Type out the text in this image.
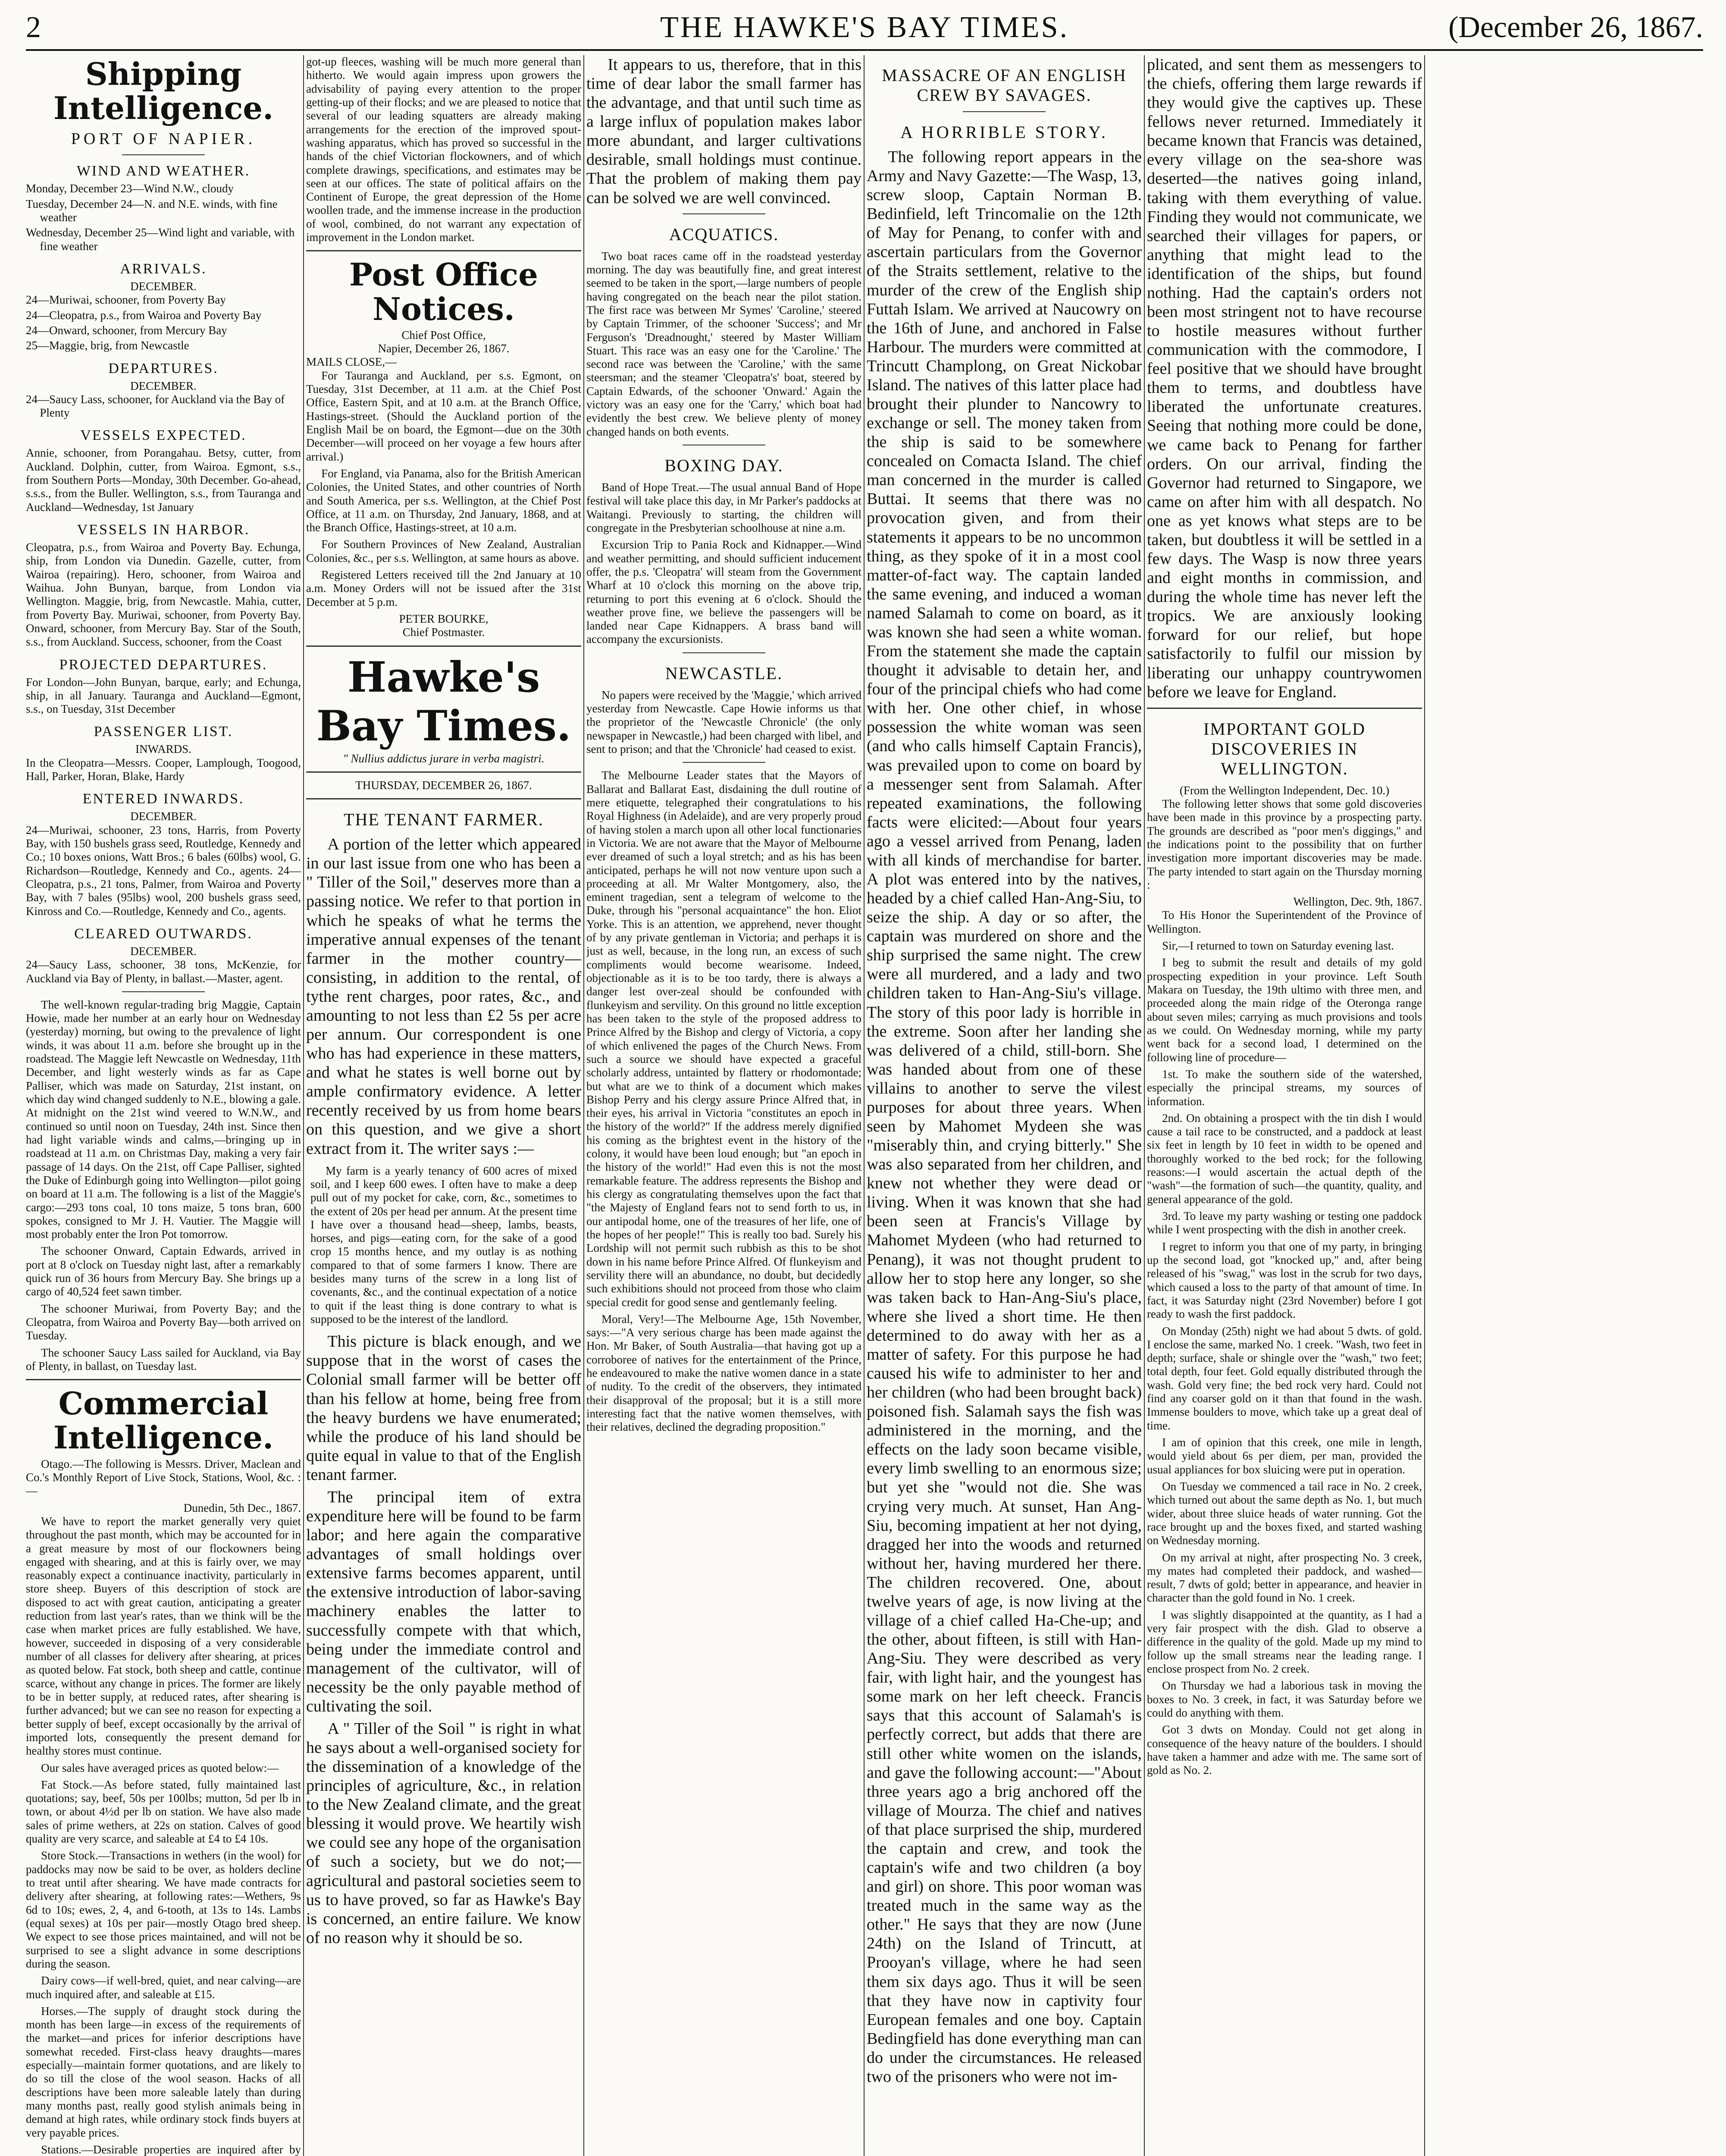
2	THE HAWKE'S BAY TIMES.	(December 26, 1867.
Shipping Intelligence.
PORT OF NAPIER.
WIND AND WEATHER.
Monday, December 23—Wind N.W., cloudy
Tuesday, December 24—N. and N.E. winds, with fine weather
Wednesday, December 25—Wind light and variable, with fine weather
ARRIVALS.
DECEMBER.
24—Muriwai, schooner, from Poverty Bay
24—Cleopatra, p.s., from Wairoa and Poverty Bay
24—Onward, schooner, from Mercury Bay
25—Maggie, brig, from Newcastle
DEPARTURES.
DECEMBER.
24—Saucy Lass, schooner, for Auckland via the Bay of Plenty
VESSELS EXPECTED.

Annie, schooner, from Porangahau. Betsy, cutter, from Auckland. Dolphin, cutter, from Wairoa. Egmont, s.s., from Southern Ports—Monday, 30th December. Go-ahead, s.s.s., from the Buller. Wellington, s.s., from Tauranga and Auckland—Wednesday, 1st January

VESSELS IN HARBOR.

Cleopatra, p.s., from Wairoa and Poverty Bay. Echunga, ship, from London via Dunedin. Gazelle, cutter, from Wairoa (repairing). Hero, schooner, from Wairoa and Waihua. John Bunyan, barque, from London via Wellington. Maggie, brig, from Newcastle. Mahia, cutter, from Poverty Bay. Muriwai, schooner, from Poverty Bay. Onward, schooner, from Mercury Bay. Star of the South, s.s., from Auckland. Success, schooner, from the Coast

PROJECTED DEPARTURES.

For London—John Bunyan, barque, early; and Echunga, ship, in all January. Tauranga and Auckland—Egmont, s.s., on Tuesday, 31st December

PASSENGER LIST.
INWARDS.

In the Cleopatra—Messrs. Cooper, Lamplough, Toogood, Hall, Parker, Horan, Blake, Hardy

ENTERED INWARDS.
DECEMBER.

24—Muriwai, schooner, 23 tons, Harris, from Poverty Bay, with 150 bushels grass seed, Routledge, Kennedy and Co.; 10 boxes onions, Watt Bros.; 6 bales (60lbs) wool, G. Richardson—Routledge, Kennedy and Co., agents. 24—Cleopatra, p.s., 21 tons, Palmer, from Wairoa and Poverty Bay, with 7 bales (95lbs) wool, 200 bushels grass seed, Kinross and Co.—Routledge, Kennedy and Co., agents.

CLEARED OUTWARDS.
DECEMBER.

24—Saucy Lass, schooner, 38 tons, McKenzie, for Auckland via Bay of Plenty, in ballast.—Master, agent.

The well-known regular-trading brig Maggie, Captain Howie, made her number at an early hour on Wednesday (yesterday) morning, but owing to the prevalence of light winds, it was about 11 a.m. before she brought up in the roadstead. The Maggie left Newcastle on Wednesday, 11th December, and light westerly winds as far as Cape Palliser, which was made on Saturday, 21st instant, on which day wind changed suddenly to N.E., blowing a gale. At midnight on the 21st wind veered to W.N.W., and continued so until noon on Tuesday, 24th inst. Since then had light variable winds and calms,—bringing up in roadstead at 11 a.m. on Christmas Day, making a very fair passage of 14 days. On the 21st, off Cape Palliser, sighted the Duke of Edinburgh going into Wellington—pilot going on board at 11 a.m. The following is a list of the Maggie's cargo:—293 tons coal, 10 tons maize, 5 tons bran, 600 spokes, consigned to Mr J. H. Vautier. The Maggie will most probably enter the Iron Pot tomorrow.

The schooner Onward, Captain Edwards, arrived in port at 8 o'clock on Tuesday night last, after a remarkably quick run of 36 hours from Mercury Bay. She brings up a cargo of 40,524 feet sawn timber.

The schooner Muriwai, from Poverty Bay; and the Cleopatra, from Wairoa and Poverty Bay—both arrived on Tuesday.

The schooner Saucy Lass sailed for Auckland, via Bay of Plenty, in ballast, on Tuesday last.

Commercial Intelligence.

Otago.—The following is Messrs. Driver, Maclean and Co.'s Monthly Report of Live Stock, Stations, Wool, &c. :—

Dunedin, 5th Dec., 1867.

We have to report the market generally very quiet throughout the past month, which may be accounted for in a great measure by most of our flockowners being engaged with shearing, and at this is fairly over, we may reasonably expect a continuance inactivity, particularly in store sheep. Buyers of this description of stock are disposed to act with great caution, anticipating a greater reduction from last year's rates, than we think will be the case when market prices are fully established. We have, however, succeeded in disposing of a very considerable number of all classes for delivery after shearing, at prices as quoted below. Fat stock, both sheep and cattle, continue scarce, without any change in prices. The former are likely to be in better supply, at reduced rates, after shearing is further advanced; but we can see no reason for expecting a better supply of beef, except occasionally by the arrival of imported lots, consequently the present demand for healthy stores must continue.

Our sales have averaged prices as quoted below:—

Fat Stock.—As before stated, fully maintained last quotations; say, beef, 50s per 100lbs; mutton, 5d per lb in town, or about 4½d per lb on station. We have also made sales of prime wethers, at 22s on station. Calves of good quality are very scarce, and saleable at £4 to £4 10s.

Store Stock.—Transactions in wethers (in the wool) for paddocks may now be said to be over, as holders decline to treat until after shearing. We have made contracts for delivery after shearing, at following rates:—Wethers, 9s 6d to 10s; ewes, 2, 4, and 6-tooth, at 13s to 14s. Lambs (equal sexes) at 10s per pair—mostly Otago bred sheep. We expect to see those prices maintained, and will not be surprised to see a slight advance in some descriptions during the season.

Dairy cows—if well-bred, quiet, and near calving—are much inquired after, and saleable at £15.

Horses.—The supply of draught stock during the month has been large—in excess of the requirements of the market—and prices for inferior descriptions have somewhat receded. First-class heavy draughts—mares especially—maintain former quotations, and are likely to do so till the close of the wool season. Hacks of all descriptions have been more saleable lately than during many months past, really good stylish animals being in demand at high rates, while ordinary stock finds buyers at very payable prices.

Stations.—Desirable properties are inquired after by

got-up fleeces, washing will be much more general than hitherto. We would again impress upon growers the advisability of paying every attention to the proper getting-up of their flocks; and we are pleased to notice that several of our leading squatters are already making arrangements for the erection of the improved spout-washing apparatus, which has proved so successful in the hands of the chief Victorian flockowners, and of which complete drawings, specifications, and estimates may be seen at our offices. The state of political affairs on the Continent of Europe, the great depression of the Home woollen trade, and the immense increase in the production of wool, combined, do not warrant any expectation of improvement in the London market.

Post Office Notices.
Chief Post Office,
Napier, December 26, 1867.
MAILS CLOSE,—

For Tauranga and Auckland, per s.s. Egmont, on Tuesday, 31st December, at 11 a.m. at the Chief Post Office, Eastern Spit, and at 10 a.m. at the Branch Office, Hastings-street. (Should the Auckland portion of the English Mail be on board, the Egmont—due on the 30th December—will proceed on her voyage a few hours after arrival.)

For England, via Panama, also for the British American Colonies, the United States, and other countries of North and South America, per s.s. Wellington, at the Chief Post Office, at 11 a.m. on Thursday, 2nd January, 1868, and at the Branch Office, Hastings-street, at 10 a.m.

For Southern Provinces of New Zealand, Australian Colonies, &c., per s.s. Wellington, at same hours as above.

Registered Letters received till the 2nd January at 10 a.m. Money Orders will not be issued after the 31st December at 5 p.m.

PETER BOURKE,
Chief Postmaster.
Hawke's Bay Times.
" Nullius addictus jurare in verba magistri.
THURSDAY, DECEMBER 26, 1867.
THE TENANT FARMER.

A portion of the letter which appeared in our last issue from one who has been a " Tiller of the Soil," deserves more than a passing notice. We refer to that portion in which he speaks of what he terms the imperative annual expenses of the tenant farmer in the mother country—consisting, in addition to the rental, of tythe rent charges, poor rates, &c., and amounting to not less than £2 5s per acre per annum. Our correspondent is one who has had experience in these matters, and what he states is well borne out by ample confirmatory evidence. A letter recently received by us from home bears on this question, and we give a short extract from it. The writer says :—

My farm is a yearly tenancy of 600 acres of mixed soil, and I keep 600 ewes. I often have to make a deep pull out of my pocket for cake, corn, &c., sometimes to the extent of 20s per head per annum. At the present time I have over a thousand head—sheep, lambs, beasts, horses, and pigs—eating corn, for the sake of a good crop 15 months hence, and my outlay is as nothing compared to that of some farmers I know. There are besides many turns of the screw in a long list of covenants, &c., and the continual expectation of a notice to quit if the least thing is done contrary to what is supposed to be the interest of the landlord.

This picture is black enough, and we suppose that in the worst of cases the Colonial small farmer will be better off than his fellow at home, being free from the heavy burdens we have enumerated; while the produce of his land should be quite equal in value to that of the English tenant farmer.

The principal item of extra expenditure here will be found to be farm labor; and here again the comparative advantages of small holdings over extensive farms becomes apparent, until the extensive introduction of labor-saving machinery enables the latter to successfully compete with that which, being under the immediate control and management of the cultivator, will of necessity be the only payable method of cultivating the soil.

A " Tiller of the Soil " is right in what he says about a well-organised society for the dissemination of a knowledge of the principles of agriculture, &c., in relation to the New Zealand climate, and the great blessing it would prove. We heartily wish we could see any hope of the organisation of such a society, but we do not;—agricultural and pastoral societies seem to us to have proved, so far as Hawke's Bay is concerned, an entire failure. We know of no reason why it should be so.

It appears to us, therefore, that in this time of dear labor the small farmer has the advantage, and that until such time as a large influx of population makes labor more abundant, and larger cultivations desirable, small holdings must continue. That the problem of making them pay can be solved we are well convinced.

ACQUATICS.

Two boat races came off in the roadstead yesterday morning. The day was beautifully fine, and great interest seemed to be taken in the sport,—large numbers of people having congregated on the beach near the pilot station. The first race was between Mr Symes' 'Caroline,' steered by Captain Trimmer, of the schooner 'Success'; and Mr Ferguson's 'Dreadnought,' steered by Master William Stuart. This race was an easy one for the 'Caroline.' The second race was between the 'Caroline,' with the same steersman; and the steamer 'Cleopatra's' boat, steered by Captain Edwards, of the schooner 'Onward.' Again the victory was an easy one for the 'Carry,' which boat had evidently the best crew. We believe plenty of money changed hands on both events.

BOXING DAY.

Band of Hope Treat.—The usual annual Band of Hope festival will take place this day, in Mr Parker's paddocks at Waitangi. Previously to starting, the children will congregate in the Presbyterian schoolhouse at nine a.m.

Excursion Trip to Pania Rock and Kidnapper.—Wind and weather permitting, and should sufficient inducement offer, the p.s. 'Cleopatra' will steam from the Government Wharf at 10 o'clock this morning on the above trip, returning to port this evening at 6 o'clock. Should the weather prove fine, we believe the passengers will be landed near Cape Kidnappers. A brass band will accompany the excursionists.

NEWCASTLE.

No papers were received by the 'Maggie,' which arrived yesterday from Newcastle. Cape Howie informs us that the proprietor of the 'Newcastle Chronicle' (the only newspaper in Newcastle,) had been charged with libel, and sent to prison; and that the 'Chronicle' had ceased to exist.

The Melbourne Leader states that the Mayors of Ballarat and Ballarat East, disdaining the dull routine of mere etiquette, telegraphed their congratulations to his Royal Highness (in Adelaide), and are very properly proud of having stolen a march upon all other local functionaries in Victoria. We are not aware that the Mayor of Melbourne ever dreamed of such a loyal stretch; and as his has been anticipated, perhaps he will not now venture upon such a proceeding at all. Mr Walter Montgomery, also, the eminent tragedian, sent a telegram of welcome to the Duke, through his "personal acquaintance" the hon. Eliot Yorke. This is an attention, we apprehend, never thought of by any private gentleman in Victoria; and perhaps it is just as well, because, in the long run, an excess of such compliments would become wearisome. Indeed, objectionable as it is to be too tardy, there is always a danger lest over-zeal should be confounded with flunkeyism and servility. On this ground no little exception has been taken to the style of the proposed address to Prince Alfred by the Bishop and clergy of Victoria, a copy of which enlivened the pages of the Church News. From such a source we should have expected a graceful scholarly address, untainted by flattery or rhodomontade; but what are we to think of a document which makes Bishop Perry and his clergy assure Prince Alfred that, in their eyes, his arrival in Victoria "constitutes an epoch in the history of the world?" If the address merely dignified his coming as the brightest event in the history of the colony, it would have been loud enough; but "an epoch in the history of the world!" Had even this is not the most remarkable feature. The address represents the Bishop and his clergy as congratulating themselves upon the fact that "the Majesty of England fears not to send forth to us, in our antipodal home, one of the treasures of her life, one of the hopes of her people!" This is really too bad. Surely his Lordship will not permit such rubbish as this to be shot down in his name before Prince Alfred. Of flunkeyism and servility there will an abundance, no doubt, but decidedly such exhibitions should not proceed from those who claim special credit for good sense and gentlemanly feeling.

Moral, Very!—The Melbourne Age, 15th November, says:—"A very serious charge has been made against the Hon. Mr Baker, of South Australia—that having got up a corroboree of natives for the entertainment of the Prince, he endeavoured to make the native women dance in a state of nudity. To the credit of the observers, they intimated their disapproval of the proposal; but it is a still more interesting fact that the native women themselves, with their relatives, declined the degrading proposition."

MASSACRE OF AN ENGLISH CREW BY SAVAGES.
A HORRIBLE STORY.

The following report appears in the Army and Navy Gazette:—The Wasp, 13, screw sloop, Captain Norman B. Bedinfield, left Trincomalie on the 12th of May for Penang, to confer with and ascertain particulars from the Governor of the Straits settlement, relative to the murder of the crew of the English ship Futtah Islam. We arrived at Naucowry on the 16th of June, and anchored in False Harbour. The murders were committed at Trincutt Champlong, on Great Nickobar Island. The natives of this latter place had brought their plunder to Nancowry to exchange or sell. The money taken from the ship is said to be somewhere concealed on Comacta Island. The chief man concerned in the murder is called Buttai. It seems that there was no provocation given, and from their statements it appears to be no uncommon thing, as they spoke of it in a most cool matter-of-fact way. The captain landed the same evening, and induced a woman named Salamah to come on board, as it was known she had seen a white woman. From the statement she made the captain thought it advisable to detain her, and four of the principal chiefs who had come with her. One other chief, in whose possession the white woman was seen (and who calls himself Captain Francis), was prevailed upon to come on board by a messenger sent from Salamah. After repeated examinations, the following facts were elicited:—About four years ago a vessel arrived from Penang, laden with all kinds of merchandise for barter. A plot was entered into by the natives, headed by a chief called Han-Ang-Siu, to seize the ship. A day or so after, the captain was murdered on shore and the ship surprised the same night. The crew were all murdered, and a lady and two children taken to Han-Ang-Siu's village. The story of this poor lady is horrible in the extreme. Soon after her landing she was delivered of a child, still-born. She was handed about from one of these villains to another to serve the vilest purposes for about three years. When seen by Mahomet Mydeen she was "miserably thin, and crying bitterly." She was also separated from her children, and knew not whether they were dead or living. When it was known that she had been seen at Francis's Village by Mahomet Mydeen (who had returned to Penang), it was not thought prudent to allow her to stop here any longer, so she was taken back to Han-Ang-Siu's place, where she lived a short time. He then determined to do away with her as a matter of safety. For this purpose he had caused his wife to administer to her and her children (who had been brought back) poisoned fish. Salamah says the fish was administered in the morning, and the effects on the lady soon became visible, every limb swelling to an enormous size; but yet she "would not die. She was crying very much. At sunset, Han Ang-Siu, becoming impatient at her not dying, dragged her into the woods and returned without her, having murdered her there. The children recovered. One, about twelve years of age, is now living at the village of a chief called Ha-Che-up; and the other, about fifteen, is still with Han-Ang-Siu. They were described as very fair, with light hair, and the youngest has some mark on her left cheeck. Francis says that this account of Salamah's is perfectly correct, but adds that there are still other white women on the islands, and gave the following account:—"About three years ago a brig anchored off the village of Mourza. The chief and natives of that place surprised the ship, murdered the captain and crew, and took the captain's wife and two children (a boy and girl) on shore. This poor woman was treated much in the same way as the other." He says that they are now (June 24th) on the Island of Trincutt, at Prooyan's village, where he had seen them six days ago. Thus it will be seen that they have now in captivity four European females and one boy. Captain Bedingfield has done everything man can do under the circumstances. He released two of the prisoners who were not im-

plicated, and sent them as messengers to the chiefs, offering them large rewards if they would give the captives up. These fellows never returned. Immediately it became known that Francis was detained, every village on the sea-shore was deserted—the natives going inland, taking with them everything of value. Finding they would not communicate, we searched their villages for papers, or anything that might lead to the identification of the ships, but found nothing. Had the captain's orders not been most stringent not to have recourse to hostile measures without further communication with the commodore, I feel positive that we should have brought them to terms, and doubtless have liberated the unfortunate creatures. Seeing that nothing more could be done, we came back to Penang for farther orders. On our arrival, finding the Governor had returned to Singapore, we came on after him with all despatch. No one as yet knows what steps are to be taken, but doubtless it will be settled in a few days. The Wasp is now three years and eight months in commission, and during the whole time has never left the tropics. We are anxiously looking forward for our relief, but hope satisfactorily to fulfil our mission by liberating our unhappy countrywomen before we leave for England.

IMPORTANT GOLD DISCOVERIES IN WELLINGTON.
(From the Wellington Independent, Dec. 10.)

The following letter shows that some gold discoveries have been made in this province by a prospecting party. The grounds are described as "poor men's diggings," and the indications point to the possibility that on further investigation more important discoveries may be made. The party intended to start again on the Thursday morning :

Wellington, Dec. 9th, 1867.

To His Honor the Superintendent of the Province of Wellington.

Sir,—I returned to town on Saturday evening last.

I beg to submit the result and details of my gold prospecting expedition in your province. Left South Makara on Tuesday, the 19th ultimo with three men, and proceeded along the main ridge of the Oteronga range about seven miles; carrying as much provisions and tools as we could. On Wednesday morning, while my party went back for a second load, I determined on the following line of procedure—

1st. To make the southern side of the watershed, especially the principal streams, my sources of information.

2nd. On obtaining a prospect with the tin dish I would cause a tail race to be constructed, and a paddock at least six feet in length by 10 feet in width to be opened and thoroughly worked to the bed rock; for the following reasons:—I would ascertain the actual depth of the "wash"—the formation of such—the quantity, quality, and general appearance of the gold.

3rd. To leave my party washing or testing one paddock while I went prospecting with the dish in another creek.

I regret to inform you that one of my party, in bringing up the second load, got "knocked up," and, after being released of his "swag," was lost in the scrub for two days, which caused a loss to the party of that amount of time. In fact, it was Saturday night (23rd November) before I got ready to wash the first paddock.

On Monday (25th) night we had about 5 dwts. of gold. I enclose the same, marked No. 1 creek. "Wash, two feet in depth; surface, shale or shingle over the "wash," two feet; total depth, four feet. Gold equally distributed through the wash. Gold very fine; the bed rock very hard. Could not find any coarser gold on it than that found in the wash. Immense boulders to move, which take up a great deal of time.

I am of opinion that this creek, one mile in length, would yield about 6s per diem, per man, provided the usual appliances for box sluicing were put in operation.

On Tuesday we commenced a tail race in No. 2 creek, which turned out about the same depth as No. 1, but much wider, about three sluice heads of water running. Got the race brought up and the boxes fixed, and started washing on Wednesday morning.

On my arrival at night, after prospecting No. 3 creek, my mates had completed their paddock, and washed—result, 7 dwts of gold; better in appearance, and heavier in character than the gold found in No. 1 creek.

I was slightly disappointed at the quantity, as I had a very fair prospect with the dish. Glad to observe a difference in the quality of the gold. Made up my mind to follow up the small streams near the leading range. I enclose prospect from No. 2 creek.

On Thursday we had a laborious task in moving the boxes to No. 3 creek, in fact, it was Saturday before we could do anything with them.

Got 3 dwts on Monday. Could not get along in consequence of the heavy nature of the boulders. I should have taken a hammer and adze with me. The same sort of gold as No. 2.
